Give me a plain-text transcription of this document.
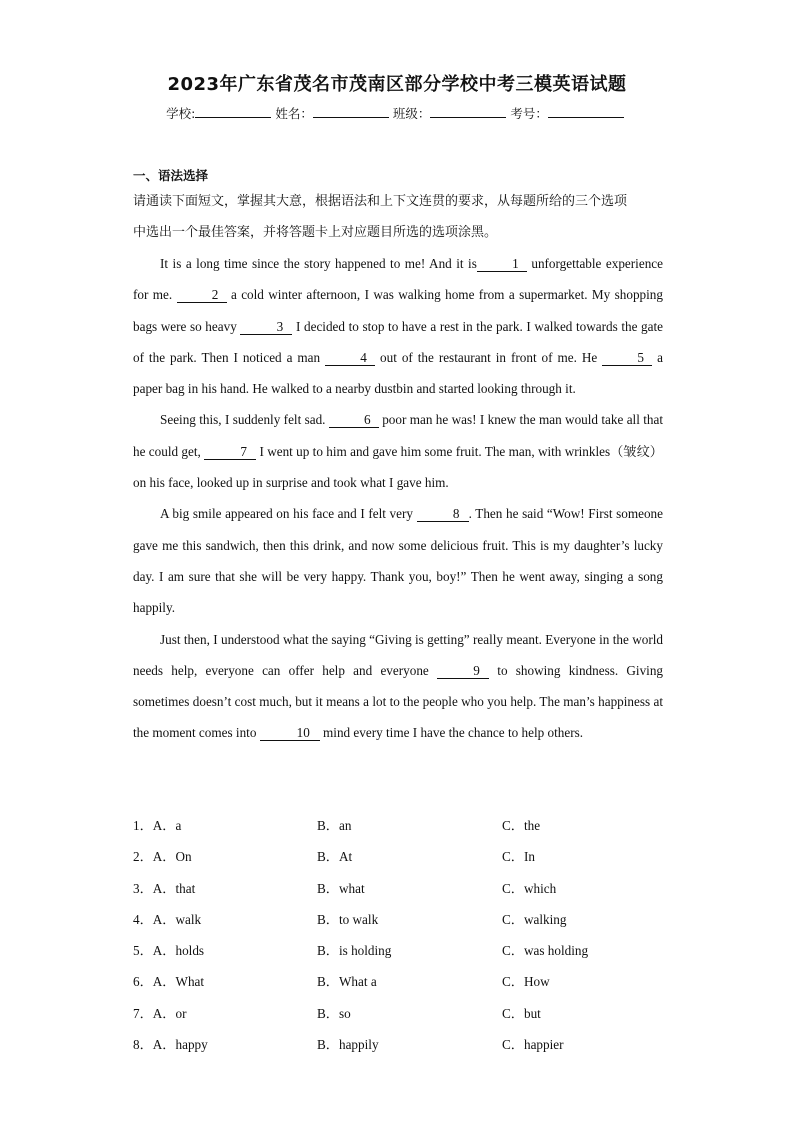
2023年广东省茂名市茂南区部分学校中考三模英语试题
学校:	姓名：	班级：	考号：
一、语法选择
请通读下面短文，掌握其大意，根据语法和上下文连贯的要求，从每题所给的三个选项
中选出一个最佳答案，并将答题卡上对应题目所选的选项涂黑。

It is a long time since the story happened to me! And it is	1 unforgettable experience for me.	2 a cold winter afternoon, I was walking home from a supermarket. My shopping bags were so heavy	3 I decided to stop to have a rest in the park. I walked towards the gate of the park. Then I noticed a man	4 out of the restaurant in front of me. He	5 a paper bag in his hand. He walked to a nearby dustbin and started looking through it.

Seeing this, I suddenly felt sad.	6 poor man he was! I knew the man would take all that he could get,	7 I went up to him and gave him some fruit. The man, with wrinkles（皱纹）on his face, looked up in surprise and took what I gave him.

A big smile appeared on his face and I felt very	8 . Then he said “Wow! First someone gave me this sandwich, then this drink, and now some delicious fruit. This is my daughter’s lucky day. I am sure that she will be very happy. Thank you, boy!” Then he went away, singing a song happily.

Just then, I understood what the saying “Giving is getting” really meant. Everyone in the world needs help, everyone can offer help and everyone	9 to showing kindness. Giving sometimes doesn’t cost much, but it means a lot to the people who you help. The man’s happiness at the moment comes into	10 mind every time I have the chance to help others.

1．A．a	B．an	C．the
2．A．On	B．At	C．In
3．A．that	B．what	C．which
4．A．walk	B．to walk	C．walking
5．A．holds	B．is holding	C．was holding
6．A．What	B．What a	C．How
7．A．or	B．so	C．but
8．A．happy	B．happily	C．happier
